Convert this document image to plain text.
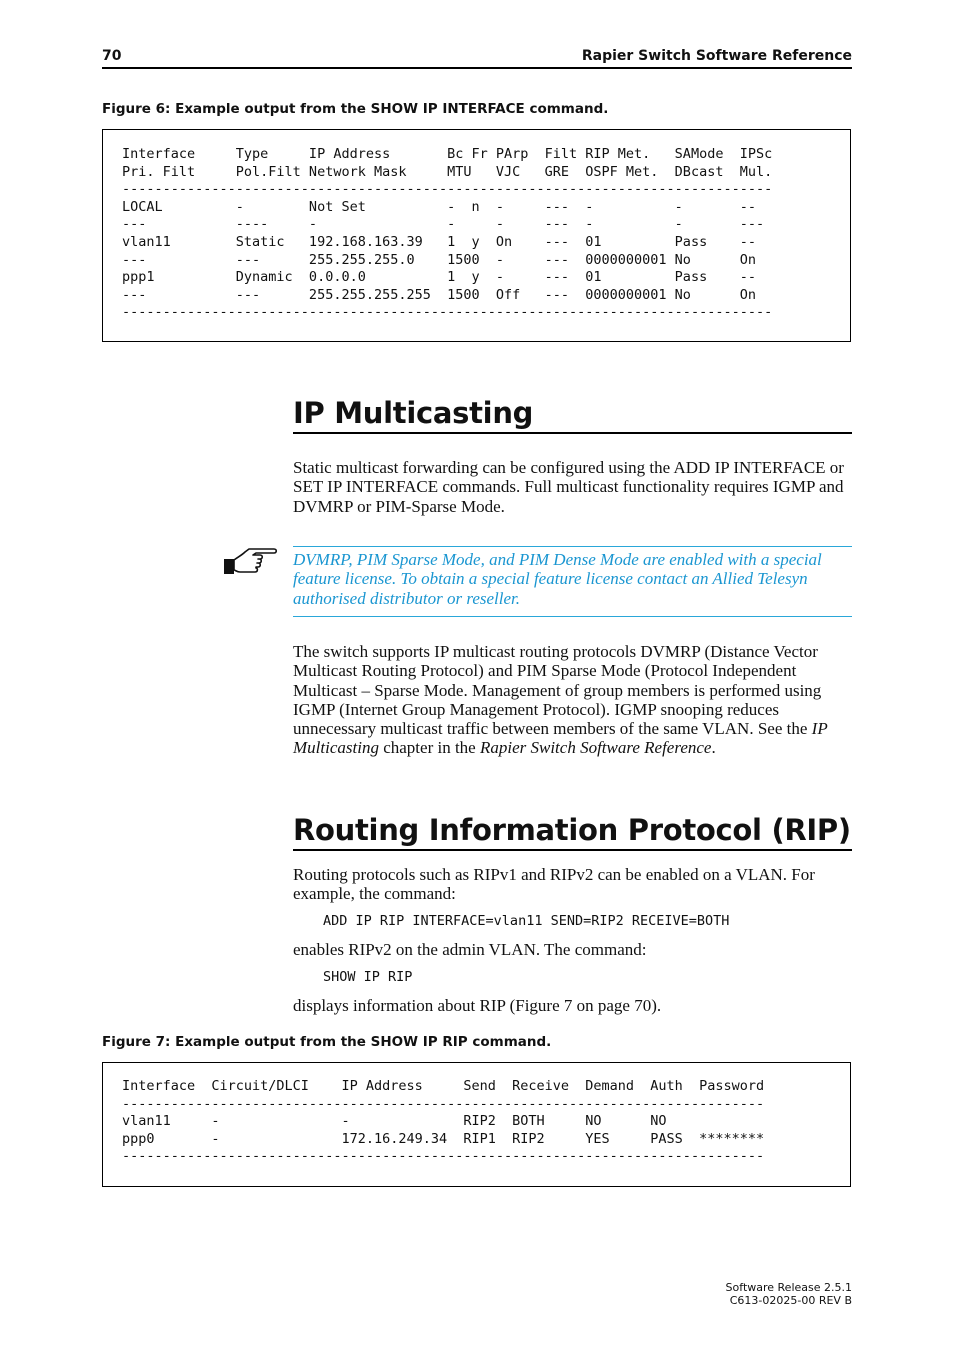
70	Rapier Switch Software Reference
Figure 6: Example output from the SHOW IP INTERFACE command.
Interface     Type     IP Address       Bc Fr PArp  Filt RIP Met.   SAMode  IPSc
Pri. Filt     Pol.Filt Network Mask     MTU   VJC   GRE  OSPF Met.  DBcast  Mul.
--------------------------------------------------------------------------------
LOCAL         -        Not Set          -  n  -     ---  -          -       --
---           ----     -                -     -     ---  -          -       ---
vlan11        Static   192.168.163.39   1  y  On    ---  01         Pass    --
---           ---      255.255.255.0    1500  -     ---  0000000001 No      On
ppp1          Dynamic  0.0.0.0          1  y  -     ---  01         Pass    --
---           ---      255.255.255.255  1500  Off   ---  0000000001 No      On
--------------------------------------------------------------------------------
IP Multicasting

Static multicast forwarding can be configured using the ADD IP INTERFACE or SET IP INTERFACE commands. Full multicast functionality requires IGMP and DVMRP or PIM-Sparse Mode.

DVMRP, PIM Sparse Mode, and PIM Dense Mode are enabled with a special feature license. To obtain a special feature license contact an Allied Telesyn authorised distributor or reseller.

The switch supports IP multicast routing protocols DVMRP (Distance Vector Multicast Routing Protocol) and PIM Sparse Mode (Protocol Independent Multicast – Sparse Mode. Management of group members is performed using IGMP (Internet Group Management Protocol). IGMP snooping reduces unnecessary multicast traffic between members of the same VLAN. See the IP Multicasting chapter in the Rapier Switch Software Reference.

Routing Information Protocol (RIP)

Routing protocols such as RIPv1 and RIPv2 can be enabled on a VLAN. For example, the command:

ADD IP RIP INTERFACE=vlan11 SEND=RIP2 RECEIVE=BOTH

enables RIPv2 on the admin VLAN. The command:

SHOW IP RIP

displays information about RIP (Figure 7 on page 70).

Figure 7: Example output from the SHOW IP RIP command.
Interface  Circuit/DLCI    IP Address     Send  Receive  Demand  Auth  Password
-------------------------------------------------------------------------------
vlan11     -               -              RIP2  BOTH     NO      NO
ppp0       -               172.16.249.34  RIP1  RIP2     YES     PASS  ********
-------------------------------------------------------------------------------
Software Release 2.5.1
C613-02025-00 REV B
